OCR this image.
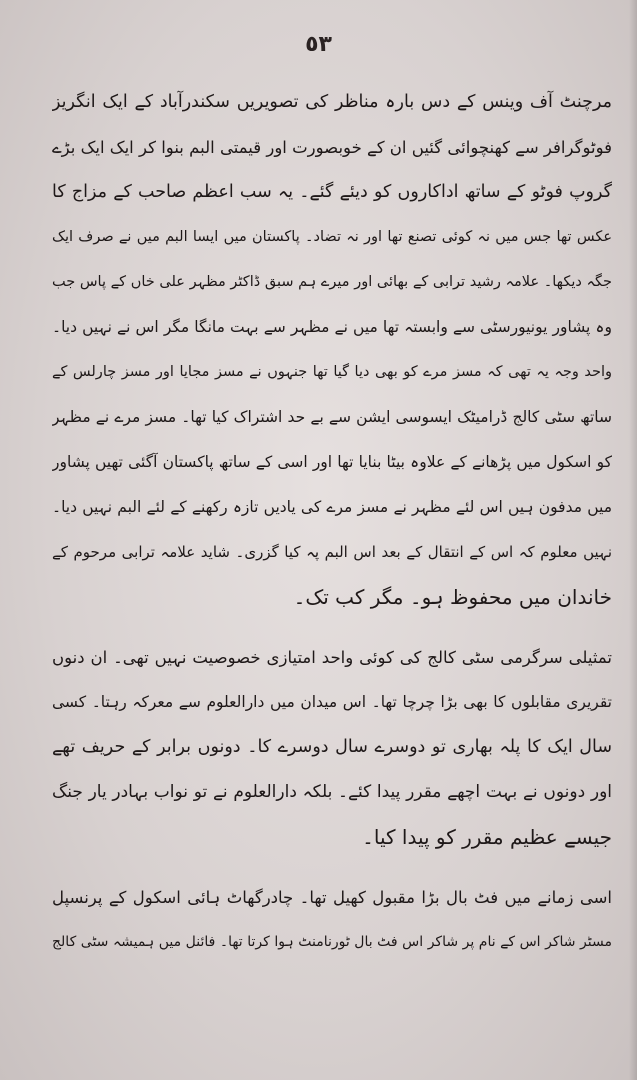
٥٣
مرچنٹ آف وینس کے دس بارہ مناظر کی تصویریں سکندرآباد کے ایک انگریز
فوٹوگرافر سے کھنچوائی گئیں ان کے خوبصورت اور قیمتی البم بنوا کر ایک ایک بڑے
گروپ فوٹو کے ساتھ اداکاروں کو دیئے گئے۔ یہ سب اعظم صاحب کے مزاج کا
عکس تھا جس میں نہ کوئی تصنع تھا اور نہ تضاد۔ پاکستان میں ایسا البم میں نے صرف ایک
جگہ دیکھا۔ علامہ رشید ترابی کے بھائی اور میرے ہم سبق ڈاکٹر مظہر علی خاں کے پاس جب
وہ پشاور یونیورسٹی سے وابستہ تھا میں نے مظہر سے بہت مانگا مگر اس نے نہیں دیا۔
واحد وجہ یہ تھی کہ مسز مرے کو بھی دیا گیا تھا جنہوں نے مسز مجایا اور مسز چارلس کے
ساتھ سٹی کالج ڈرامیٹک ایسوسی ایشن سے بے حد اشتراک کیا تھا۔ مسز مرے نے مظہر
کو اسکول میں پڑھانے کے علاوہ بیٹا بنایا تھا اور اسی کے ساتھ پاکستان آگئی تھیں پشاور
میں مدفون ہیں اس لئے مظہر نے مسز مرے کی یادیں تازہ رکھنے کے لئے البم نہیں دیا۔
نہیں معلوم کہ اس کے انتقال کے بعد اس البم پہ کیا گزری۔ شاید علامہ ترابی مرحوم کے
خاندان میں محفوظ ہو۔ مگر کب تک۔
تمثیلی سرگرمی سٹی کالج کی کوئی واحد امتیازی خصوصیت نہیں تھی۔ ان دنوں
تقریری مقابلوں کا بھی بڑا چرچا تھا۔ اس میدان میں دارالعلوم سے معرکہ رہتا۔ کسی
سال ایک کا پلہ بھاری تو دوسرے سال دوسرے کا۔ دونوں برابر کے حریف تھے
اور دونوں نے بہت اچھے مقرر پیدا کئے۔ بلکہ دارالعلوم نے تو نواب بہادر یار جنگ
جیسے عظیم مقرر کو پیدا کیا۔
اسی زمانے میں فٹ بال بڑا مقبول کھیل تھا۔ چادرگھاٹ ہائی اسکول کے پرنسپل
مسٹر شاکر اس کے نام پر شاکر اس فٹ بال ٹورنامنٹ ہوا کرتا تھا۔ فائنل میں ہمیشہ سٹی کالج
